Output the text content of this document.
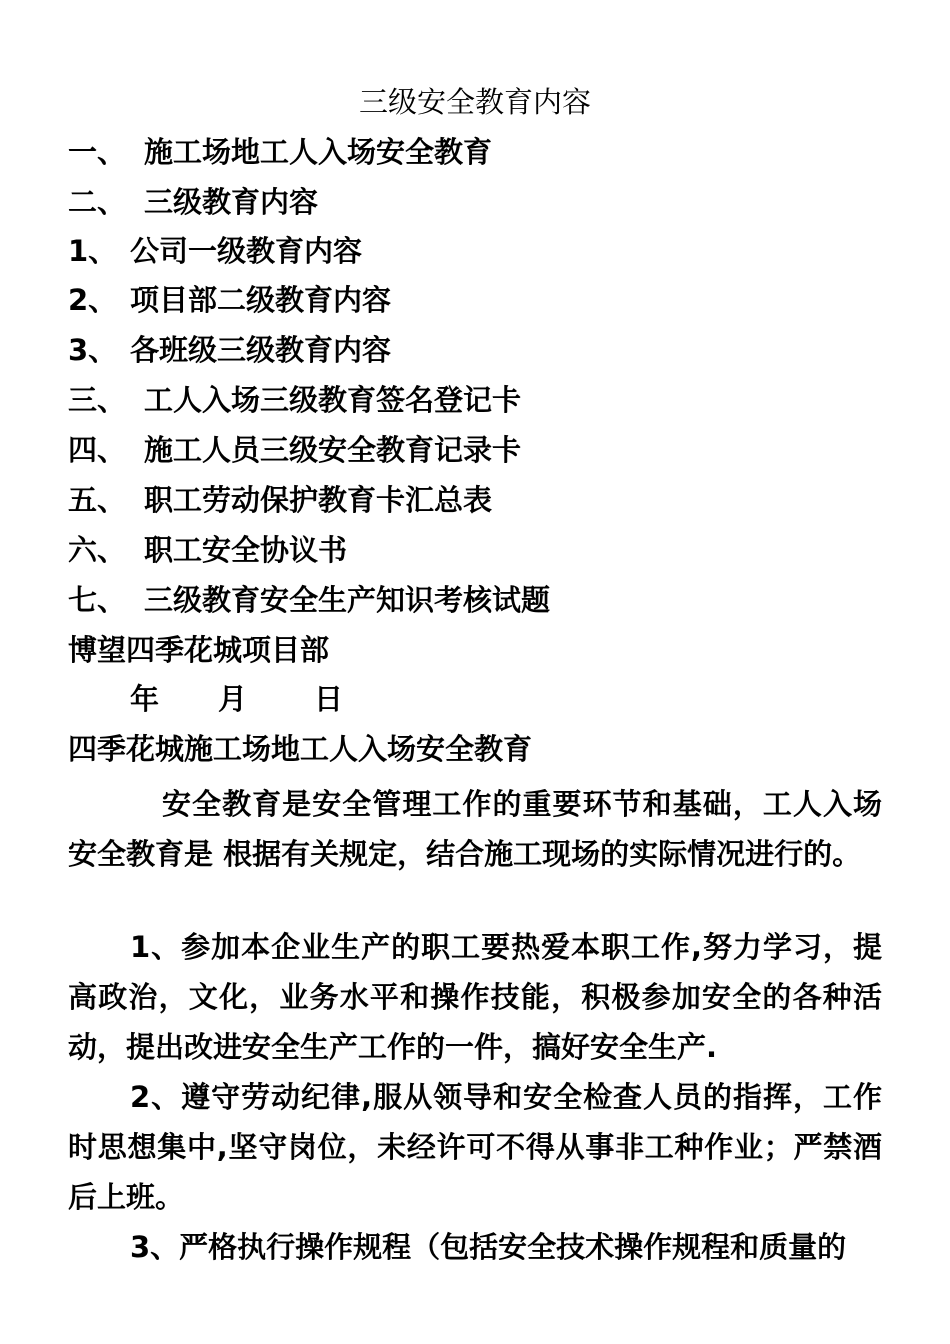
三级安全教育内容
一、 施工场地工人入场安全教育
二、 三级教育内容
1、 公司一级教育内容
2、 项目部二级教育内容
3、 各班级三级教育内容
三、 工人入场三级教育签名登记卡
四、 施工人员三级安全教育记录卡
五、 职工劳动保护教育卡汇总表
六、 职工安全协议书
七、 三级教育安全生产知识考核试题
博望四季花城项目部
年 月 日
四季花城施工场地工人入场安全教育

安全教育是安全管理工作的重要环节和基础，工人入场安全教育是 根据有关规定，结合施工现场的实际情况进行的。

1、参加本企业生产的职工要热爱本职工作,努力学习，提高政治，文化，业务水平和操作技能，积极参加安全的各种活动，提出改进安全生产工作的一件，搞好安全生产.

2、遵守劳动纪律,服从领导和安全检查人员的指挥，工作时思想集中,坚守岗位，未经许可不得从事非工种作业；严禁酒后上班。

3、严格执行操作规程（包括安全技术操作规程和质量的
